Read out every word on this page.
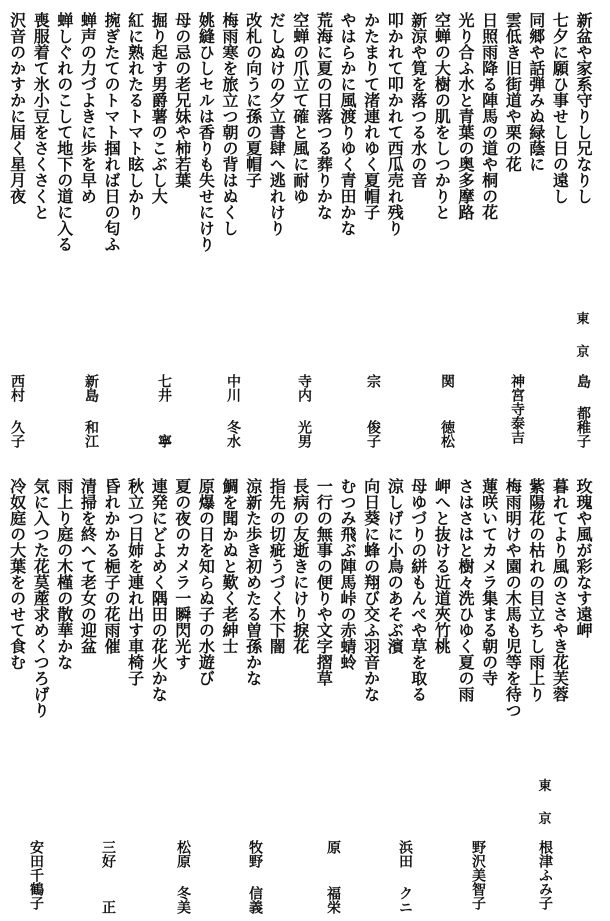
新盆や家系守りし兄なりし
七夕に願ひ事せし日の遠し
同郷や話弾みぬ緑蔭に
雲低き旧街道や栗の花
日照雨降る陣馬の道や桐の花
光り合ふ水と青葉の奥多摩路
空蝉の大樹の肌をしつかりと
新涼や筧を落つる水の音
叩かれて叩かれて西瓜売れ残り
かたまりて渚連れゆく夏帽子
やはらかに風渡りゆく青田かな
荒海に夏の日落つる葬りかな
空蝉の爪立て確と風に耐ゆ
だしぬけの夕立書肆へ逃れけり
改札の向うに孫の夏帽子
梅雨寒を旅立つ朝の背はぬくし
姚縫ひしセルは香りも失せにけり
母の忌の老兄妹や柿若葉
掘り起す男爵薯のこぶし大
紅に熟れたるトマト眩しかり
捥ぎたてのトマト掴れば日の匂ふ
蝉声の力づよきに歩を早め
蝉しぐれのこして地下の道に入る
喪服着て氷小豆をさくさくと
沢音のかすかに届く星月夜
東
京
島
都稚子
神宮寺泰吉
関
徳松
宗
俊子
寺内
光男
中川
冬水
七井
寧
新島
和江
西村
久子
玫瑰や風が彩なす遠岬
暮れてより風のささやき花芙蓉
紫陽花の枯れの目立ちし雨上り
梅雨明けや園の木馬も児等を待つ
蓮咲いてカメラ集まる朝の寺
さはさはと樹々洗ひゆく夏の雨
岬へと抜ける近道夾竹桃
母ゆづりの絣もんぺや草を取る
涼しげに小鳥のあそぶ濱
向日葵に蜂の翔び交ふ羽音かな
むつみ飛ぶ陣馬峠の赤蜻蛉
一行の無事の便りや文字摺草
長病の友逝きにけり捩花
指先の切疵うづく木下闇
涼新た歩き初めたる曽孫かな
鯛を聞かぬと歎く老紳士
原爆の日を知らぬ子の水遊び
夏の夜のカメラ一瞬閃光す
連発にどよめく隅田の花火かな
秋立つ日姉を連れ出す車椅子
昏れかかる梔子の花雨催
清掃を終へて老女の迎盆
雨上り庭の木槿の散華かな
気に入つた花茣蓙求めくつろげり
冷奴庭の大葉をのせて食む
東
京
根津ふみ子
野沢美智子
浜田
クニ
原
福栄
牧野
信義
松原
冬美
三好
正
安田千鶴子
